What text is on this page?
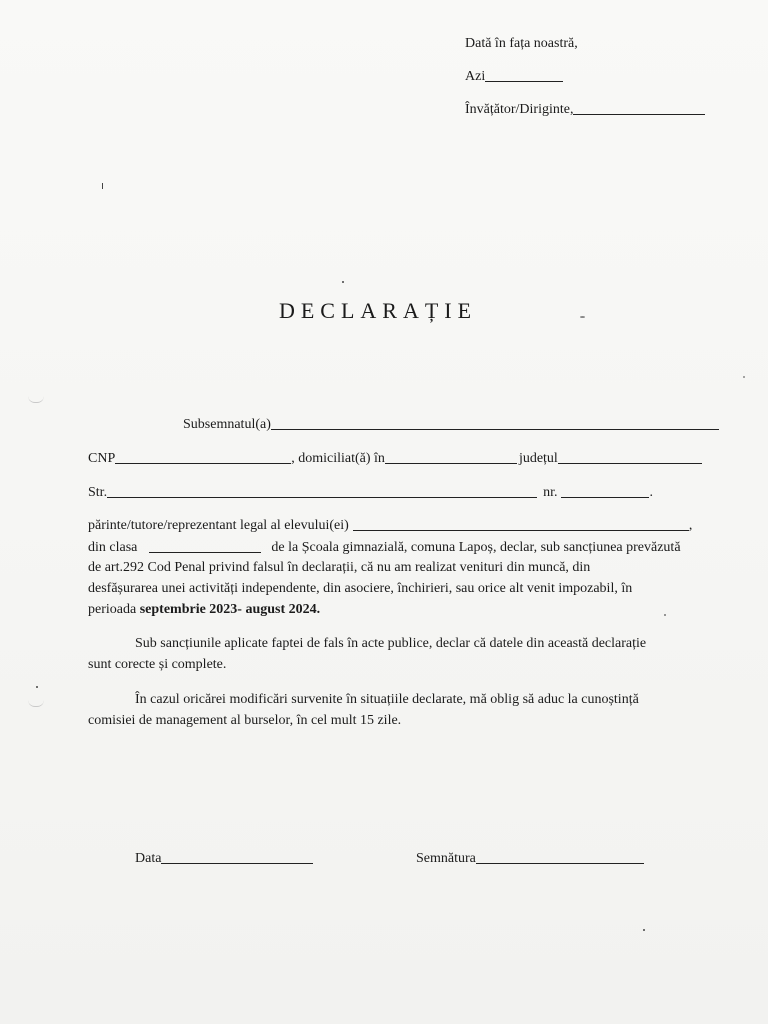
Dată în fața noastră,
Azi
Învățător/Diriginte,
DECLARAȚIE
Subsemnatul(a)
CNP	, domiciliat(ă) în	județul
Str.	nr.	.
părinte/tutore/reprezentant legal al elevului(ei)	,
din clasa	de la Școala gimnazială, comuna Lapoș, declar, sub sancțiunea prevăzută
de art.292 Cod Penal privind falsul în declarații, că nu am realizat venituri din muncă, din
desfășurarea unei activități independente, din asociere, închirieri, sau orice alt venit impozabil, în
perioada septembrie 2023- august 2024.
Sub sancțiunile aplicate faptei de fals în acte publice, declar că datele din această declarație
sunt corecte și complete.
În cazul oricărei modificări survenite în situațiile declarate, mă oblig să aduc la cunoștință
comisiei de management al burselor, în cel mult 15 zile.
Data	Semnătura
